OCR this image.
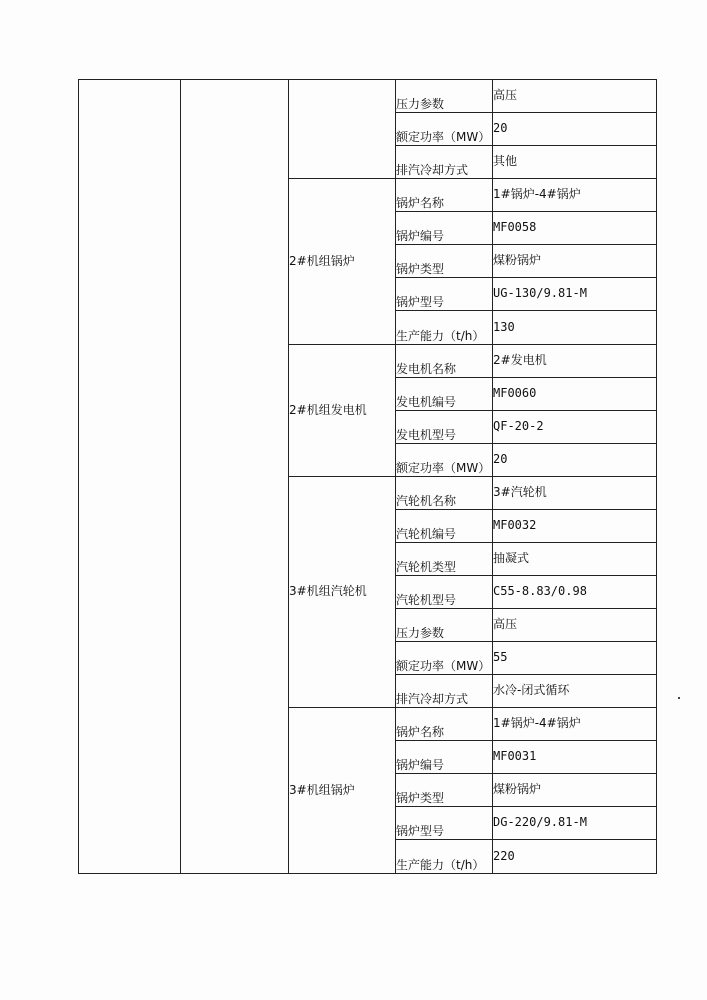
			压力参数	高压
			额定功率（MW）	20
			排汽冷却方式	其他
		2#机组锅炉	锅炉名称	1#锅炉-4#锅炉
			锅炉编号	MF0058
			锅炉类型	煤粉锅炉
			锅炉型号	UG-130/9.81-M
			生产能力（t/h）	130
		2#机组发电机	发电机名称	2#发电机
			发电机编号	MF0060
			发电机型号	QF-20-2
			额定功率（MW）	20
		3#机组汽轮机	汽轮机名称	3#汽轮机
			汽轮机编号	MF0032
			汽轮机类型	抽凝式
			汽轮机型号	C55-8.83/0.98
			压力参数	高压
			额定功率（MW）	55
			排汽冷却方式	水冷-闭式循环
		3#机组锅炉	锅炉名称	1#锅炉-4#锅炉
			锅炉编号	MF0031
			锅炉类型	煤粉锅炉
			锅炉型号	DG-220/9.81-M
			生产能力（t/h）	220
